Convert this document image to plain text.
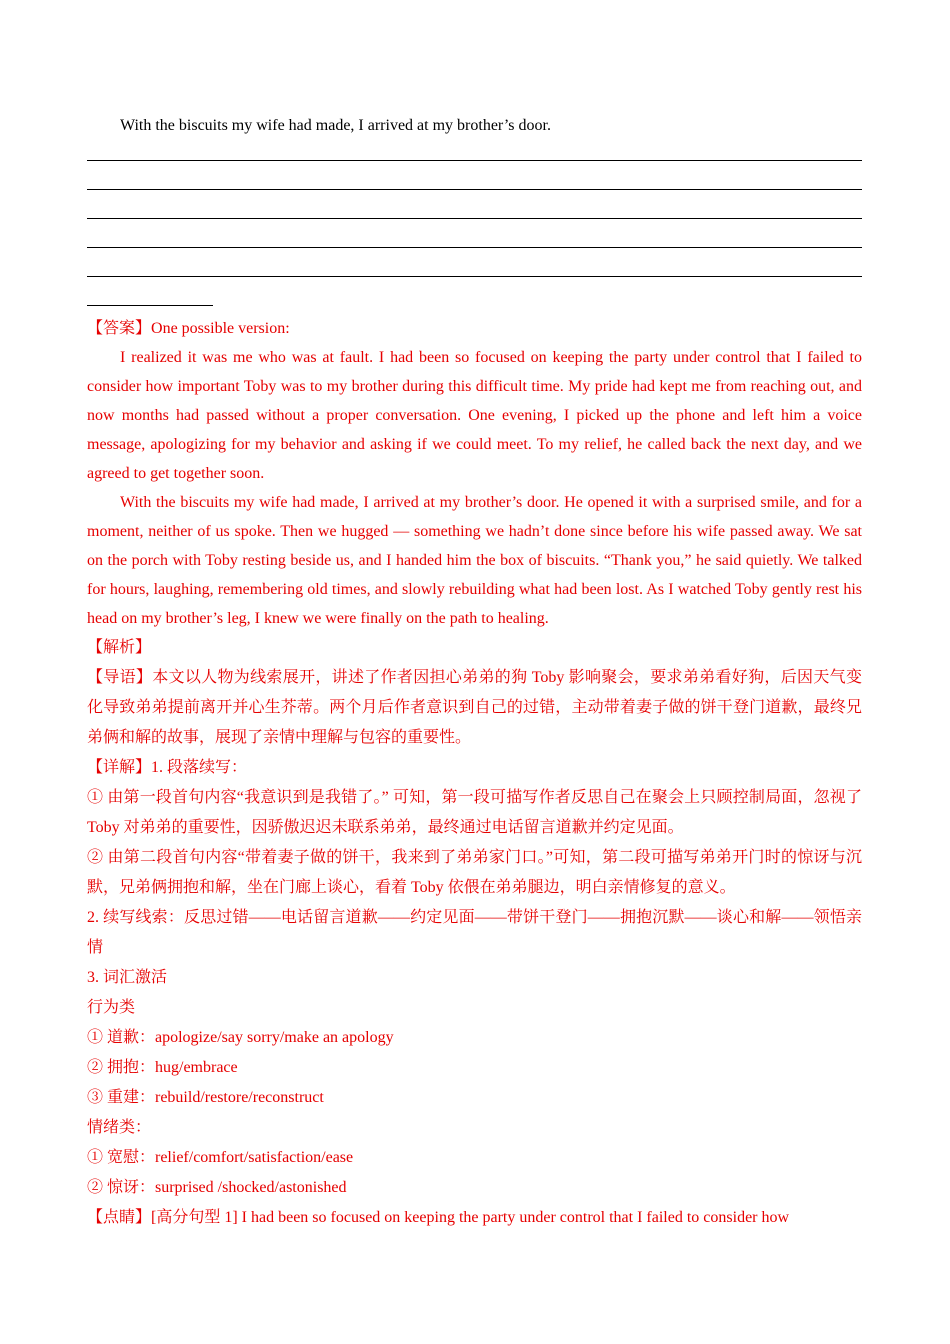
With the biscuits my wife had made, I arrived at my brother’s door.

【答案】One possible version:

I realized it was me who was at fault. I had been so focused on keeping the party under control that I failed to consider how important Toby was to my brother during this difficult time. My pride had kept me from reaching out, and now months had passed without a proper conversation. One evening, I picked up the phone and left him a voice message, apologizing for my behavior and asking if we could meet. To my relief, he called back the next day, and we agreed to get together soon.

With the biscuits my wife had made, I arrived at my brother’s door. He opened it with a surprised smile, and for a moment, neither of us spoke. Then we hugged — something we hadn’t done since before his wife passed away. We sat on the porch with Toby resting beside us, and I handed him the box of biscuits. “Thank you,” he said quietly. We talked for hours, laughing, remembering old times, and slowly rebuilding what had been lost. As I watched Toby gently rest his head on my brother’s leg, I knew we were finally on the path to healing.

【解析】

【导语】本文以人物为线索展开，讲述了作者因担心弟弟的狗 Toby 影响聚会，要求弟弟看好狗，后因天气变化导致弟弟提前离开并心生芥蒂。两个月后作者意识到自己的过错，主动带着妻子做的饼干登门道歉，最终兄弟俩和解的故事，展现了亲情中理解与包容的重要性。

【详解】1. 段落续写：

① 由第一段首句内容“我意识到是我错了。” 可知，第一段可描写作者反思自己在聚会上只顾控制局面，忽视了 Toby 对弟弟的重要性，因骄傲迟迟未联系弟弟，最终通过电话留言道歉并约定见面。

② 由第二段首句内容“带着妻子做的饼干，我来到了弟弟家门口。”可知，第二段可描写弟弟开门时的惊讶与沉默，兄弟俩拥抱和解，坐在门廊上谈心，看着 Toby 依偎在弟弟腿边，明白亲情修复的意义。

2. 续写线索：反思过错——电话留言道歉——约定见面——带饼干登门——拥抱沉默——谈心和解——领悟亲情

3. 词汇激活

行为类

① 道歉：apologize/say sorry/make an apology

② 拥抱：hug/embrace

③ 重建：rebuild/restore/reconstruct

情绪类：

① 宽慰：relief/comfort/satisfaction/ease

② 惊讶：surprised /shocked/astonished

【点睛】[高分句型 1] I had been so focused on keeping the party under control that I failed to consider how
